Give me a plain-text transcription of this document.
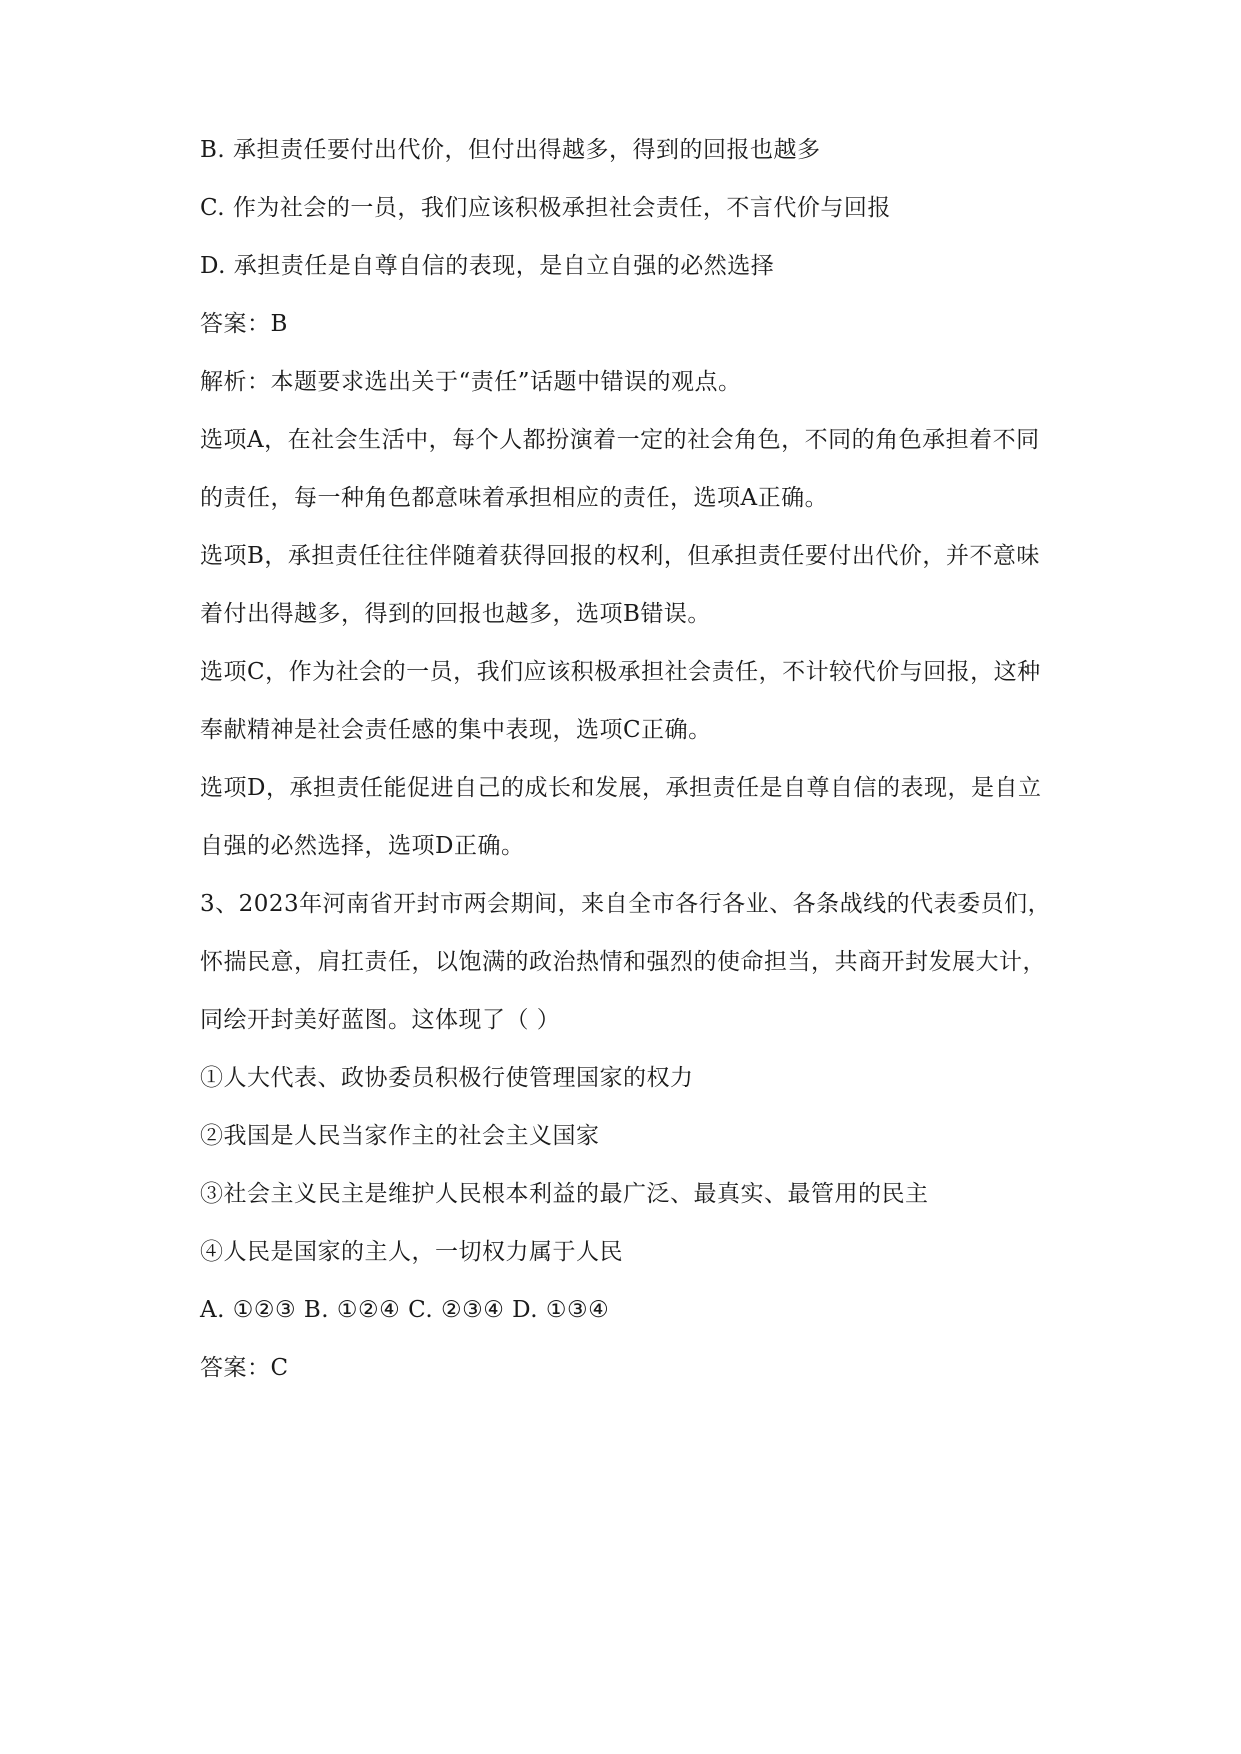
B. 承担责任要付出代价，但付出得越多，得到的回报也越多
C. 作为社会的一员，我们应该积极承担社会责任，不言代价与回报
D. 承担责任是自尊自信的表现，是自立自强的必然选择
答案：B
解析：本题要求选出关于“责任”话题中错误的观点。
选项A，在社会生活中，每个人都扮演着一定的社会角色，不同的角色承担着不同
的责任，每一种角色都意味着承担相应的责任，选项A正确。
选项B，承担责任往往伴随着获得回报的权利，但承担责任要付出代价，并不意味
着付出得越多，得到的回报也越多，选项B错误。
选项C，作为社会的一员，我们应该积极承担社会责任，不计较代价与回报，这种
奉献精神是社会责任感的集中表现，选项C正确。
选项D，承担责任能促进自己的成长和发展，承担责任是自尊自信的表现，是自立
自强的必然选择，选项D正确。
3、2023年河南省开封市两会期间，来自全市各行各业、各条战线的代表委员们，
怀揣民意，肩扛责任，以饱满的政治热情和强烈的使命担当，共商开封发展大计，
同绘开封美好蓝图。这体现了（ ）
①人大代表、政协委员积极行使管理国家的权力
②我国是人民当家作主的社会主义国家
③社会主义民主是维护人民根本利益的最广泛、最真实、最管用的民主
④人民是国家的主人，一切权力属于人民
A. ①②③ B. ①②④ C. ②③④ D. ①③④
答案：C
